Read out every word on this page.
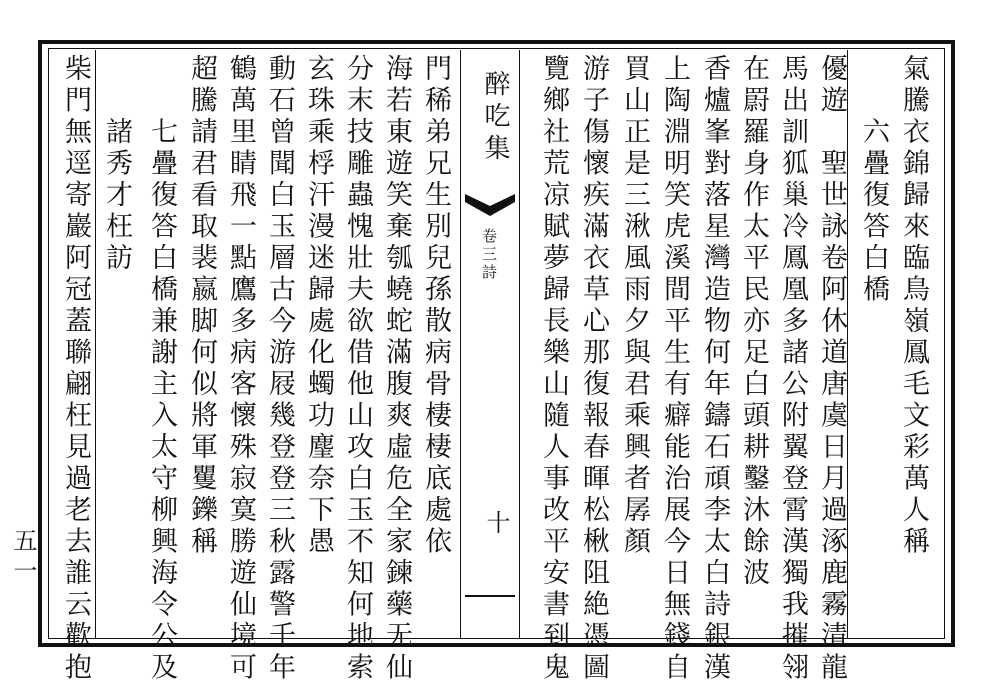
氣騰衣錦歸來臨鳥嶺鳳毛文彩萬人稱
　　六疊復答白橋
優遊　聖世詠卷阿休道唐虞日月過涿鹿霧清龍
馬出訓狐巢冷鳳凰多諸公附翼登霄漢獨我摧翎
在罻羅身作太平民亦足白頭耕鑿沐餘波
香爐峯對落星灣造物何年鑄石頑李太白詩銀漢
上陶淵明笑虎溪間平生有癖能治展今日無錢自
買山正是三湫風雨夕與君乘興者孱顏
游子傷懷疾滿衣草心那復報春暉松楸阻絶憑圖
覽鄉社荒凉賦夢歸長樂山隨人事改平安書到鬼
醉吃集
卷三詩
十
門稀弟兄生別兒孫散病骨棲棲底處依
海若東遊笑棄瓠蟯蛇滿腹爽虛危全家鍊藥无仙
分末技雕蟲愧壯夫欲借他山攻白玉不知何地索
玄珠乘桴汗漫迷歸處化蠋功麈奈下愚
動石曾聞白玉層古今游屐幾登登三秋露警千年
鶴萬里睛飛一點鷹多病客懷殊寂寞勝遊仙境可
超騰請君看取裴嬴脚何似將軍矍鑠稱
　　七疊復答白橋兼謝主入太守柳興海令公及
　　諸秀才枉訪
柴門無逕寄巖阿冠蓋聯翩枉見過老去誰云歡抱
五一
